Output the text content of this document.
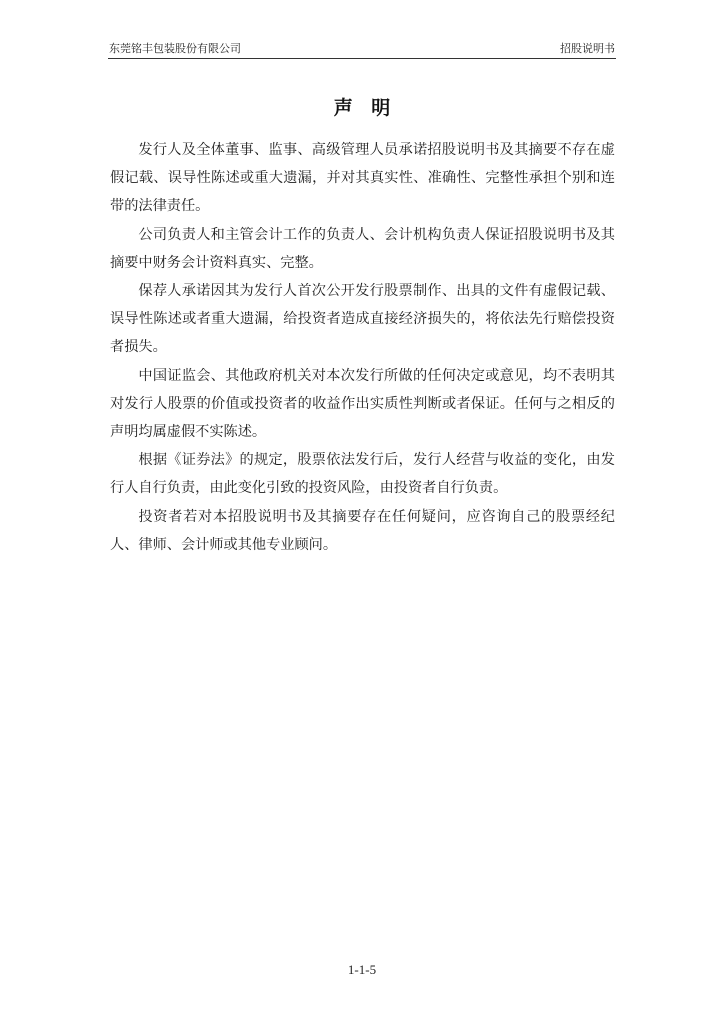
东莞铭丰包装股份有限公司	招股说明书
声 明

发行人及全体董事、监事、高级管理人员承诺招股说明书及其摘要不存在虚假记载、误导性陈述或重大遗漏，并对其真实性、准确性、完整性承担个别和连带的法律责任。

公司负责人和主管会计工作的负责人、会计机构负责人保证招股说明书及其摘要中财务会计资料真实、完整。

保荐人承诺因其为发行人首次公开发行股票制作、出具的文件有虚假记载、误导性陈述或者重大遗漏，给投资者造成直接经济损失的，将依法先行赔偿投资者损失。

中国证监会、其他政府机关对本次发行所做的任何决定或意见，均不表明其对发行人股票的价值或投资者的收益作出实质性判断或者保证。任何与之相反的声明均属虚假不实陈述。

根据《证券法》的规定，股票依法发行后，发行人经营与收益的变化，由发行人自行负责，由此变化引致的投资风险，由投资者自行负责。

投资者若对本招股说明书及其摘要存在任何疑问，应咨询自己的股票经纪人、律师、会计师或其他专业顾问。

1-1-5
